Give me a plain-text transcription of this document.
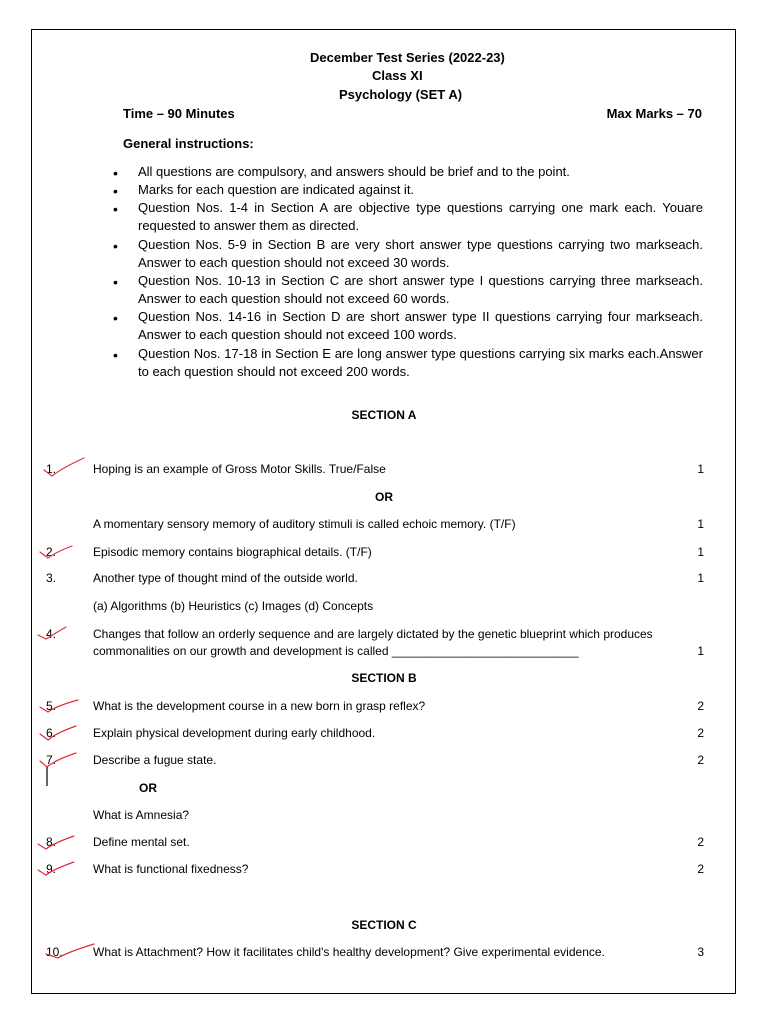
December Test Series (2022-23)
Class XI
Psychology (SET A)
Time – 90 Minutes	Max Marks – 70
General instructions:
•	All questions are compulsory, and answers should be brief and to the point.
•	Marks for each question are indicated against it.
•	Question Nos. 1-4 in Section A are objective type questions carrying one mark each. Youare requested to answer them as directed.
•	Question Nos. 5-9 in Section B are very short answer type questions carrying two markseach. Answer to each question should not exceed 30 words.
•	Question Nos. 10-13 in Section C are short answer type I questions carrying three markseach. Answer to each question should not exceed 60 words.
•	Question Nos. 14-16 in Section D are short answer type II questions carrying four markseach. Answer to each question should not exceed 100 words.
•	Question Nos. 17-18 in Section E are long answer type questions carrying six marks each.Answer to each question should not exceed 200 words.
SECTION A
1.	Hoping is an example of Gross Motor Skills. True/False	1
OR
A momentary sensory memory of auditory stimuli is called echoic memory. (T/F)	1
2.	Episodic memory contains biographical details. (T/F)	1
3.	Another type of thought mind of the outside world.	1
(a) Algorithms (b) Heuristics (c) Images (d) Concepts
4.	Changes that follow an orderly sequence and are largely dictated by the genetic blueprint which produces
commonalities on our growth and development is called ____________________________	1
SECTION B
5.	What is the development course in a new born in grasp reflex?	2
6.	Explain physical development during early childhood.	2
7.	Describe a fugue state.	2
OR
What is Amnesia?
8.	Define mental set.	2
9.	What is functional fixedness?	2
SECTION C
10.	What is Attachment? How it facilitates child's healthy development? Give experimental evidence.	3
